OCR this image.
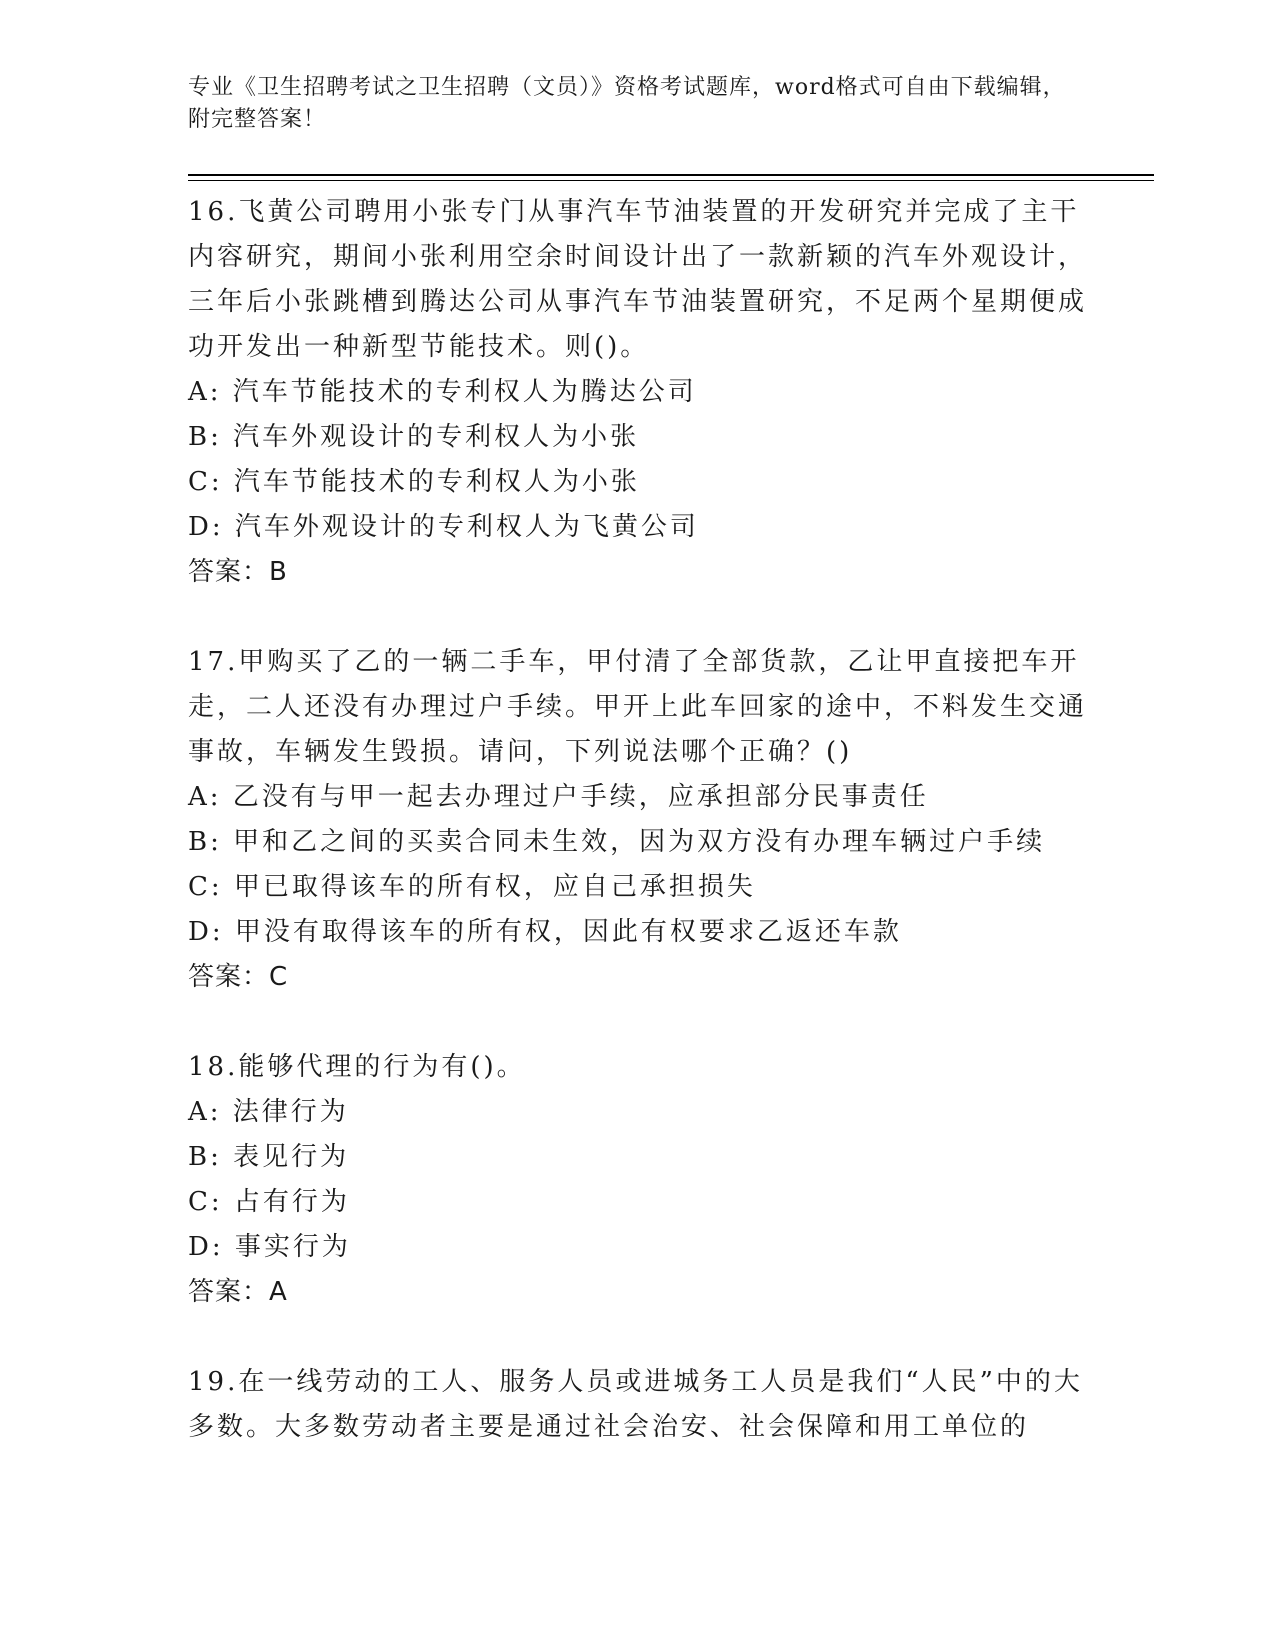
专业《卫生招聘考试之卫生招聘（文员）》资格考试题库，word格式可自由下载编辑，附完整答案！

16.飞黄公司聘用小张专门从事汽车节油装置的开发研究并完成了主干内容研究，期间小张利用空余时间设计出了一款新颖的汽车外观设计，三年后小张跳槽到腾达公司从事汽车节油装置研究，不足两个星期便成功开发出一种新型节能技术。则()。

A: 汽车节能技术的专利权人为腾达公司

B: 汽车外观设计的专利权人为小张

C: 汽车节能技术的专利权人为小张

D: 汽车外观设计的专利权人为飞黄公司

答案：B

17.甲购买了乙的一辆二手车，甲付清了全部货款，乙让甲直接把车开走，二人还没有办理过户手续。甲开上此车回家的途中，不料发生交通事故，车辆发生毁损。请问，下列说法哪个正确？()

A: 乙没有与甲一起去办理过户手续，应承担部分民事责任

B: 甲和乙之间的买卖合同未生效，因为双方没有办理车辆过户手续

C: 甲已取得该车的所有权，应自己承担损失

D: 甲没有取得该车的所有权，因此有权要求乙返还车款

答案：C

18.能够代理的行为有()。

A: 法律行为

B: 表见行为

C: 占有行为

D: 事实行为

答案：A

19.在一线劳动的工人、服务人员或进城务工人员是我们“人民”中的大多数。大多数劳动者主要是通过社会治安、社会保障和用工单位的
